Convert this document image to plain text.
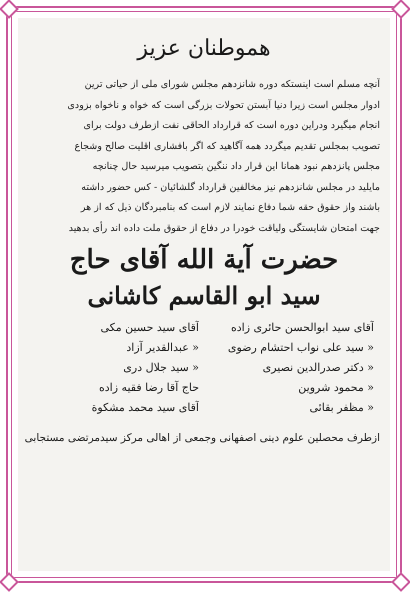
هموطنان عزیز
آنچه مسلم است اینستکه دوره شانزدهم مجلس شورای ملی از حیاتی ترین
ادوار مجلس است زیرا دنیا آبستن تحولات بزرگی است که خواه و ناخواه بزودی
انجام میگیرد ودراین دوره است که قرارداد الحاقی نفت ازطرف دولت برای
تصویب بمجلس تقدیم میگردد همه آگاهید که اگر بافشاری اقلیت صالح وشجاع
مجلس پانزدهم نبود همانا این قرار داد ننگین بتصویب میرسید حال چنانچه
مایلید در مجلس شانزدهم نیز مخالفین قرارداد گلشائیان - کس حضور داشته
باشند واز حقوق حقه شما دفاع نمایند لازم است که بنامبردگان ذیل که از هر
جهت امتحان شایستگی ولیاقت خودرا در دفاع از حقوق ملت داده اند رأی بدهید
حضرت آیة الله آقای حاج
سید ابو القاسم کاشانی
آقای سید ابوالحسن حائری زاده
آقای سید حسین مکی
« سید علی نواب احتشام رضوی
« عبدالقدیر آزاد
« دکتر صدرالدین نصیری
« سید جلال دری
« محمود شروین
حاج آقا رضا فقیه زاده
« مظفر بقائی
آقای سید محمد مشکوة
ازطرف محصلین علوم دینی اصفهانی وجمعی از اهالی مرکز سیدمرتضی مستجابی
